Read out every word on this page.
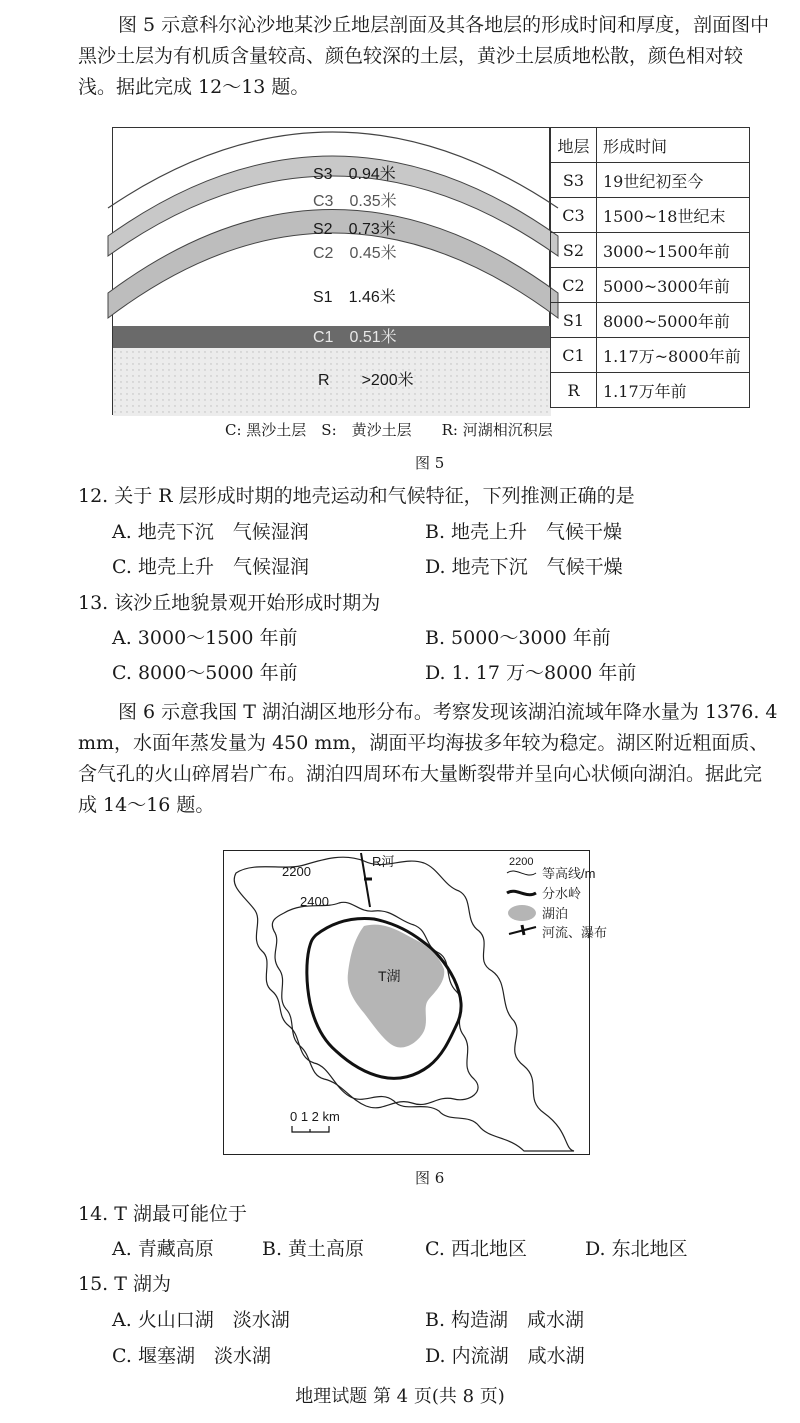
图 5 示意科尔沁沙地某沙丘地层剖面及其各地层的形成时间和厚度，剖面图中黑沙土层为有机质含量较高、颜色较深的土层，黄沙土层质地松散，颜色相对较浅。据此完成 12～13 题。

S3　 0.94米
C3　 0.35米
S2　 0.73米
C2　 0.45米
S1　 1.46米
C1　 0.51米
R　　 >200米
地层	形成时间
S3	19世纪初至今
C3	1500~18世纪末
S2	3000~1500年前
C2	5000~3000年前
S1	8000~5000年前
C1	1.17万~8000年前
R	1.17万年前
C: 黑沙土层　S:　黄沙土层　　R: 河湖相沉积层
图 5
12. 关于 R 层形成时期的地壳运动和气候特征，下列推测正确的是
A. 地壳下沉　气候湿润	B. 地壳上升　气候干燥
C. 地壳上升　气候湿润	D. 地壳下沉　气候干燥
13. 该沙丘地貌景观开始形成时期为
A. 3000～1500 年前	B. 5000～3000 年前
C. 8000～5000 年前	D. 1. 17 万～8000 年前

图 6 示意我国 T 湖泊湖区地形分布。考察发现该湖泊流域年降水量为 1376. 4 mm，水面年蒸发量为 450 mm，湖面平均海拔多年较为稳定。湖区附近粗面质、含气孔的火山碎屑岩广布。湖泊四周环布大量断裂带并呈向心状倾向湖泊。据此完成 14～16 题。

2200
2400
R河
T湖
0 1 2 km
2200
等高线/m
分水岭
湖泊
河流、瀑布
图 6
14. T 湖最可能位于
A. 青藏高原	B. 黄土高原	C. 西北地区	D. 东北地区
15. T 湖为
A. 火山口湖　淡水湖	B. 构造湖　咸水湖
C. 堰塞湖　淡水湖	D. 内流湖　咸水湖
地理试题 第 4 页(共 8 页)
